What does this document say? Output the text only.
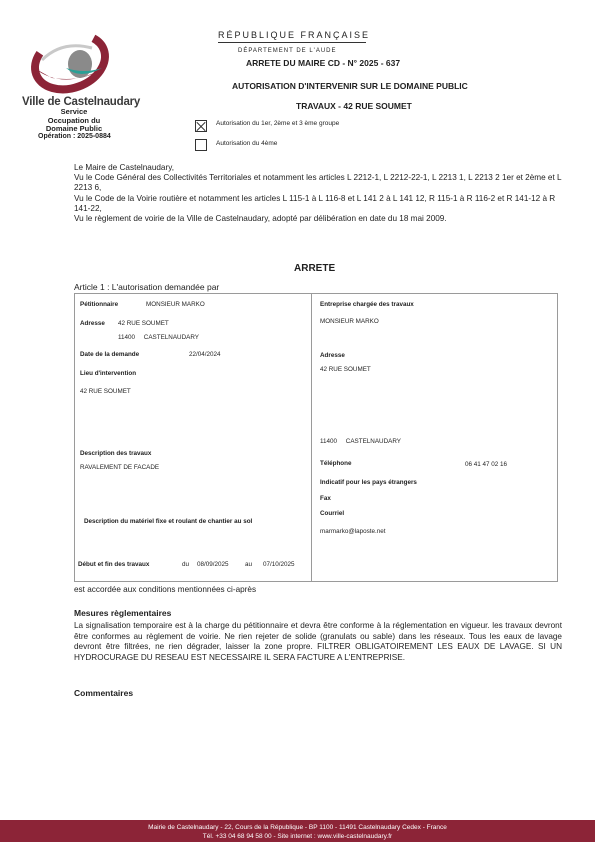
Ville de Castelnaudary
Service Occupation du Domaine Public
Opération : 2025-0884
RÉPUBLIQUE FRANÇAISE
DÉPARTEMENT DE L'AUDE
ARRETE DU MAIRE CD - N° 2025 - 637
AUTORISATION D'INTERVENIR SUR LE DOMAINE PUBLIC
TRAVAUX - 42 RUE SOUMET
Autorisation du 1er, 2ème et 3 ème groupe
Autorisation du 4ème

Le Maire de Castelnaudary,

Vu le Code Général des Collectivités Territoriales et notamment les articles L 2212-1, L 2212-22-1, L 2213 1, L 2213 2 1er et 2ème et L 2213 6,

Vu le Code de la Voirie routière et notamment les articles L 115-1 à L 116-8 et L 141 2 à L 141 12, R 115-1 à R 116-2 et R 141-12 à R 141-22,

Vu le règlement de voirie de la Ville de Castelnaudary, adopté par délibération en date du 18 mai 2009.

ARRETE
Article 1 : L'autorisation demandée par
Pétitionnaire	MONSIEUR MARKO
Adresse 42 RUE SOUMET
11400     CASTELNAUDARY
Date de la demande	22/04/2024
Lieu d'intervention
42 RUE SOUMET
Description des travaux
RAVALEMENT DE FACADE
Description du matériel fixe et roulant de chantier au sol
Début et fin des travaux	du 08/09/2025	au 07/10/2025
Entreprise chargée des travaux
MONSIEUR MARKO
Adresse
42 RUE SOUMET
11400     CASTELNAUDARY
Téléphone	06 41 47 02 16
Indicatif pour les pays étrangers
Fax
Courriel
marmarko@laposte.net
est accordée aux conditions mentionnées ci-après
Mesures règlementaires
La signalisation temporaire est à la charge du pétitionnaire et devra être conforme à la réglementation en vigueur. les travaux devront être conformes au règlement de voirie. Ne rien rejeter de solide (granulats ou sable) dans les réseaux. Tous les eaux de lavage devront être filtrées, ne rien dégrader, laisser la zone propre. FILTRER OBLIGATOIREMENT LES EAUX DE LAVAGE. SI UN HYDROCURAGE DU RESEAU EST NECESSAIRE IL SERA FACTURE A L'ENTREPRISE.
Commentaires
Mairie de Castelnaudary - 22, Cours de la République - BP 1100 - 11491 Castelnaudary Cedex - France
Tél. +33 04 68 94 58 00 - Site internet : www.ville-castelnaudary.fr
